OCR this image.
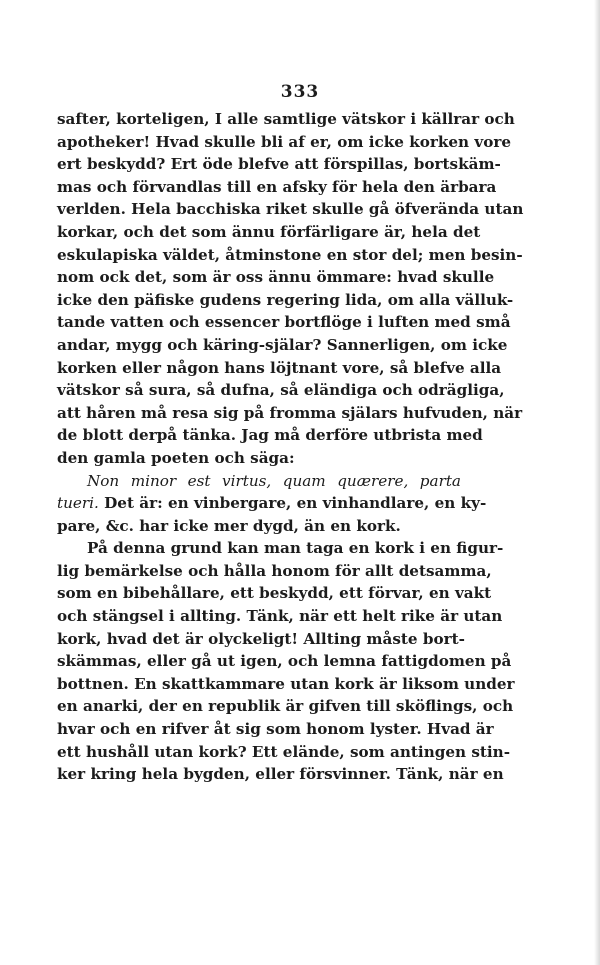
333
safter, korteligen, I alle samtlige vätskor i källrar och
apotheker! Hvad skulle bli af er, om icke korken vore
ert beskydd? Ert öde blefve att förspillas, bortskäm-
mas och förvandlas till en afsky för hela den ärbara
verlden. Hela bacchiska riket skulle gå öfverända utan
korkar, och det som ännu förfärligare är, hela det
eskulapiska väldet, åtminstone en stor del; men besin-
nom ock det, som är oss ännu ömmare: hvad skulle
icke den päfiske gudens regering lida, om alla välluk-
tande vatten och essencer bortflöge i luften med små
andar, mygg och käring-själar? Sannerligen, om icke
korken eller någon hans löjtnant vore, så blefve alla
vätskor så sura, så dufna, så eländiga och odrägliga,
att håren må resa sig på fromma själars hufvuden, när
de blott derpå tänka. Jag må derföre utbrista med
den gamla poeten och säga:
Non minor est virtus, quam quærere, parta
tueri. Det är: en vinbergare, en vinhandlare, en ky-
pare, &c. har icke mer dygd, än en kork.
På denna grund kan man taga en kork i en figur-
lig bemärkelse och hålla honom för allt detsamma,
som en bibehållare, ett beskydd, ett förvar, en vakt
och stängsel i allting. Tänk, när ett helt rike är utan
kork, hvad det är olyckeligt! Allting måste bort-
skämmas, eller gå ut igen, och lemna fattigdomen på
bottnen. En skattkammare utan kork är liksom under
en anarki, der en republik är gifven till sköflings, och
hvar och en rifver åt sig som honom lyster. Hvad är
ett hushåll utan kork? Ett elände, som antingen stin-
ker kring hela bygden, eller försvinner. Tänk, när en
